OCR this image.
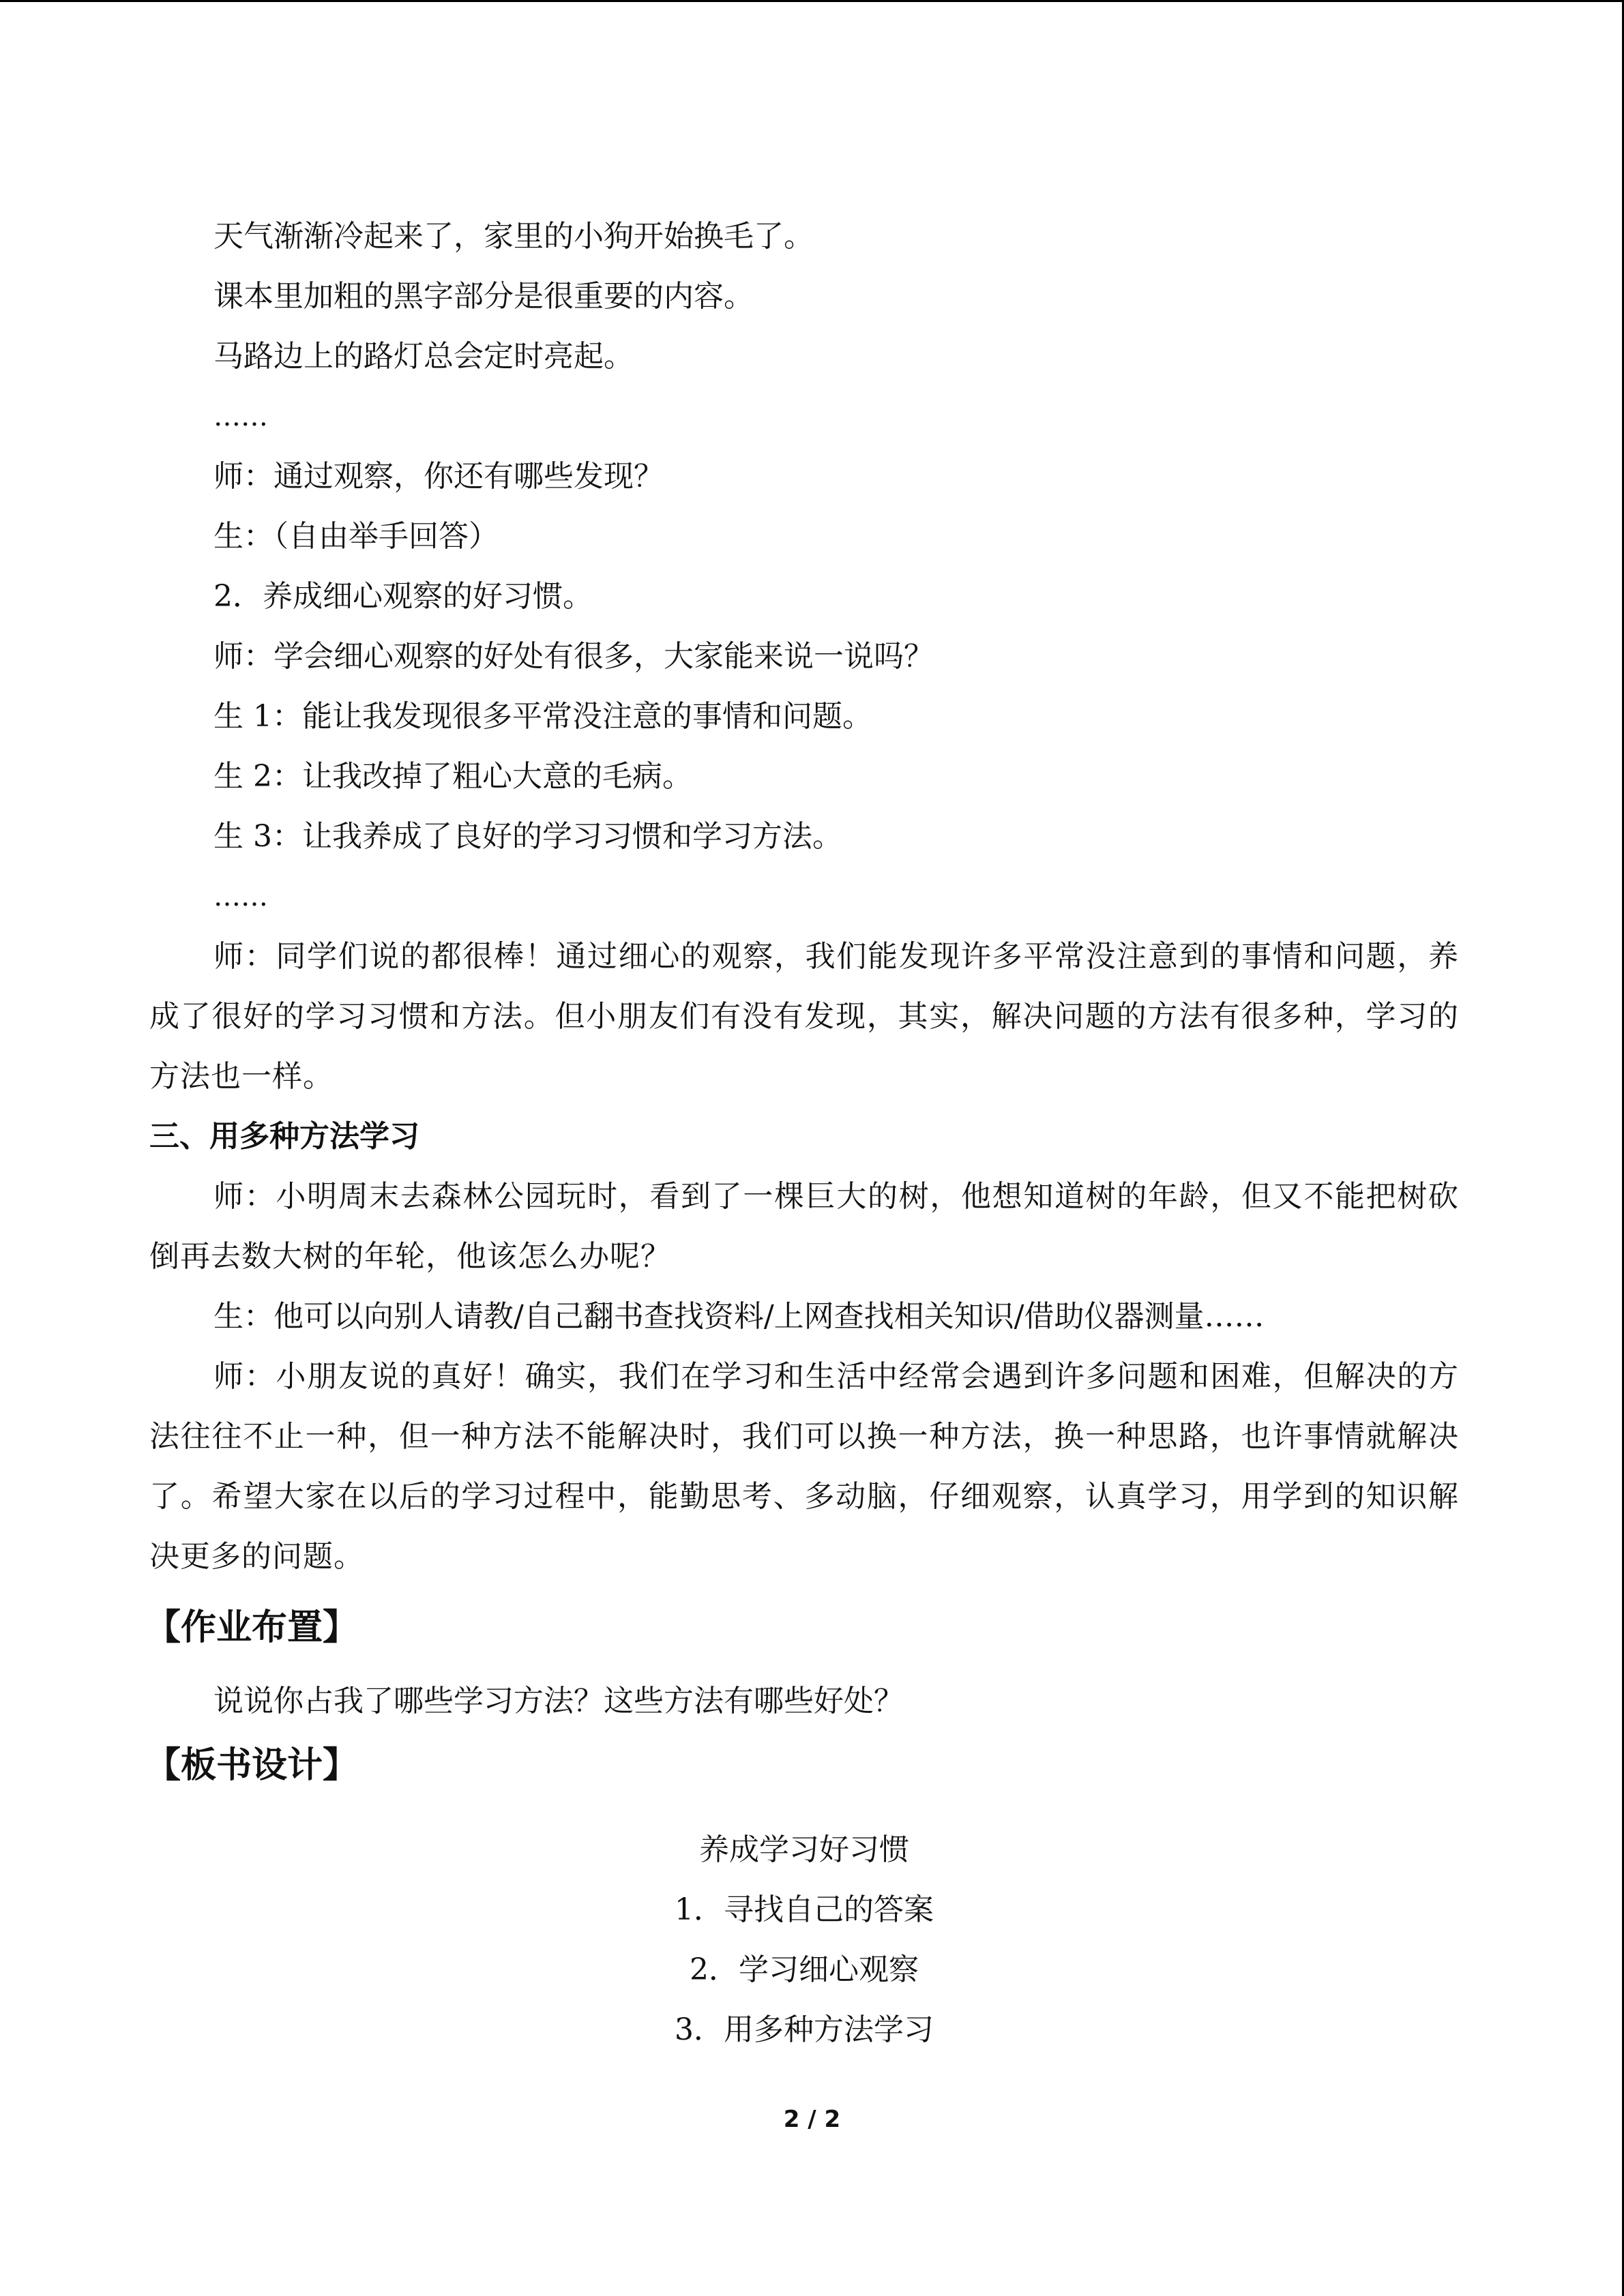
天气渐渐冷起来了，家里的小狗开始换毛了。
课本里加粗的黑字部分是很重要的内容。
马路边上的路灯总会定时亮起。
……
师：通过观察，你还有哪些发现？
生：（自由举手回答）
2．养成细心观察的好习惯。
师：学会细心观察的好处有很多，大家能来说一说吗？
生 1：能让我发现很多平常没注意的事情和问题。
生 2：让我改掉了粗心大意的毛病。
生 3：让我养成了良好的学习习惯和学习方法。
……
师：同学们说的都很棒！通过细心的观察，我们能发现许多平常没注意到的事情和问题，养成了很好的学习习惯和方法。但小朋友们有没有发现，其实，解决问题的方法有很多种，学习的方法也一样。
三、用多种方法学习
师：小明周末去森林公园玩时，看到了一棵巨大的树，他想知道树的年龄，但又不能把树砍倒再去数大树的年轮，他该怎么办呢？
生：他可以向别人请教/自己翻书查找资料/上网查找相关知识/借助仪器测量……
师：小朋友说的真好！确实，我们在学习和生活中经常会遇到许多问题和困难，但解决的方法往往不止一种，但一种方法不能解决时，我们可以换一种方法，换一种思路，也许事情就解决了。希望大家在以后的学习过程中，能勤思考、多动脑，仔细观察，认真学习，用学到的知识解决更多的问题。
【作业布置】
说说你占我了哪些学习方法？这些方法有哪些好处？
【板书设计】
养成学习好习惯
1．寻找自己的答案
2．学习细心观察
3．用多种方法学习
2 / 2
